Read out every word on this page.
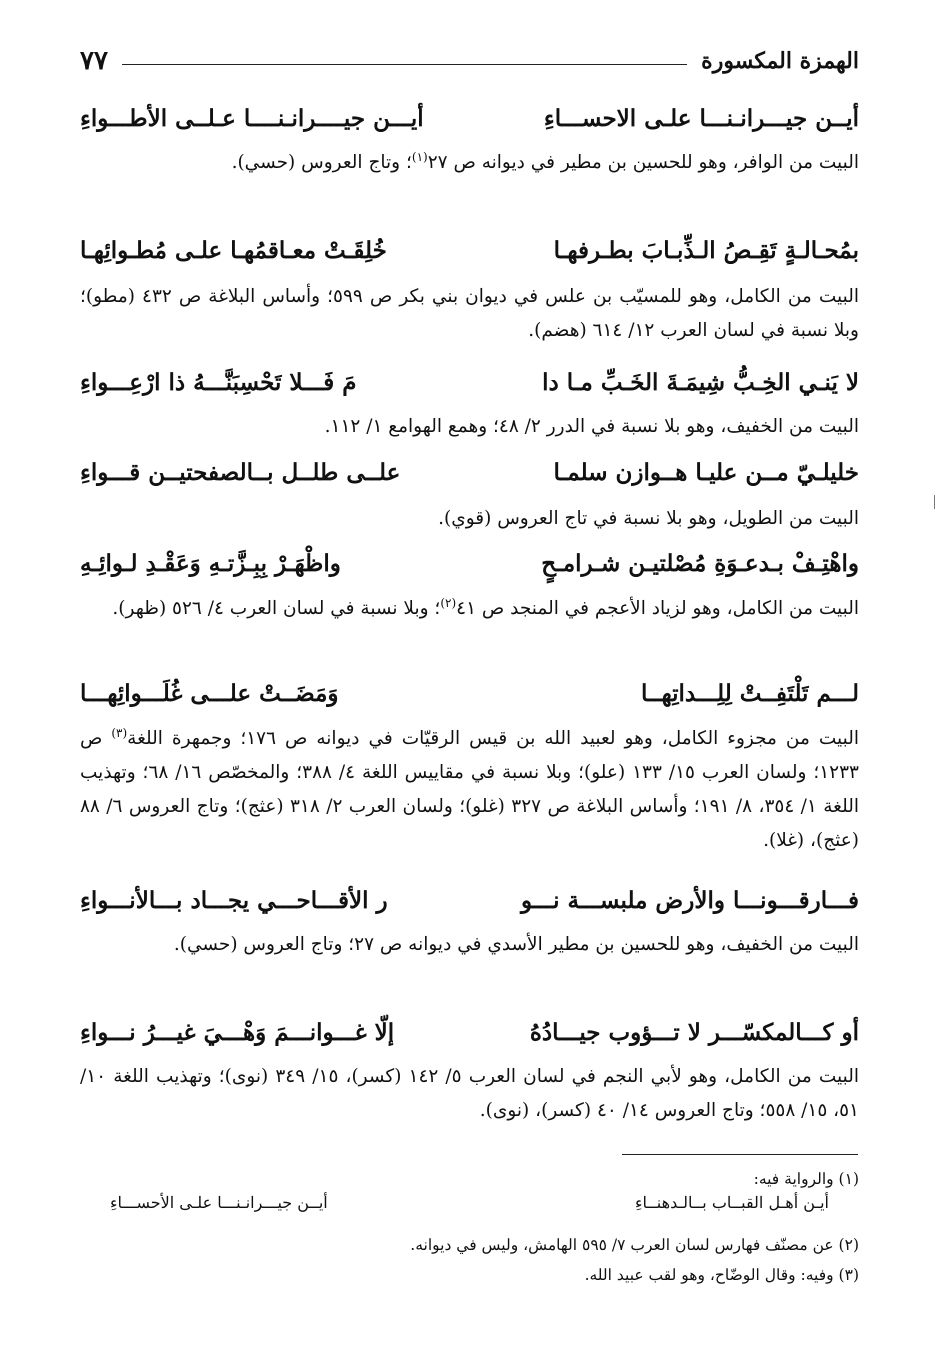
الهمزة المكسورة
٧٧
أيــن جيـــرانـنـــا علـى الاحســـاءِ
أيـــن جيــــرانـنــــا عـلــى الأطـــواءِ
البيت من الوافر، وهو للحسين بن مطير في ديوانه ص ٢٧$^{(١)}$؛ وتاج العروس (حسي).
بمُحـالـةٍ تَقِـصُ الـذِّبـابَ بطـرفهـا
خُلِقَـتْ معـاقمُهـا علـى مُطـوائِهـا
البيت من الكامل، وهو للمسيّب بن علس في ديوان بني بكر ص ٥٩٩؛ وأساس البلاغة ص ٤٣٢ (مطو)؛ وبلا نسبة في لسان العرب ١٢/ ٦١٤ (هضم).
لا يَنـي الخِـبُّ شِيمَـةَ الخَـبِّ مـا دا
مَ فَـــلا تَحْسِبَنَّـــهُ ذا ارْعِـــواءِ
البيت من الخفيف، وهو بلا نسبة في الدرر ٢/ ٤٨؛ وهمع الهوامع ١/ ١١٢.
خليلـيّ مــن عليـا هــوازن سلمـا
علــى طلــل بــالصفحتيــن قـــواءِ
البيت من الطويل، وهو بلا نسبة في تاج العروس (قوي).
واهْتِـفْ بـدعـوَةِ مُصْلتيـن شـرامـحٍ
واظْهَـرْ بِبِـزَّتـهِ وَعَقْـدِ لـوائِـهِ
البيت من الكامل، وهو لزياد الأعجم في المنجد ص ٤١$^{(٢)}$؛ وبلا نسبة في لسان العرب ٤/ ٥٢٦ (ظهر).
لـــم تَلْتَفِــتْ لِلِـــداتِهــا
وَمَضَــتْ علـــى غُلَـــوائِهـــا
البيت من مجزوء الكامل، وهو لعبيد الله بن قيس الرقيّات في ديوانه ص ١٧٦؛ وجمهرة اللغة$^{(٣)}$ ص ١٢٣٣؛ ولسان العرب ١٥/ ١٣٣ (علو)؛ وبلا نسبة في مقاييس اللغة ٤/ ٣٨٨؛ والمخصّص ١٦/ ٦٨؛ وتهذيب اللغة ١/ ٣٥٤، ٨/ ١٩١؛ وأساس البلاغة ص ٣٢٧ (غلو)؛ ولسان العرب ٢/ ٣١٨ (عثج)؛ وتاج العروس ٦/ ٨٨ (عثج)، (غلا).
فـــارقـــونـــا والأرض ملبســـة نـــو
ر الأقـــاحـــي يجـــاد بـــالأنـــواءِ
البيت من الخفيف، وهو للحسين بن مطير الأسدي في ديوانه ص ٢٧؛ وتاج العروس (حسي).
أو كـــالمكسّـــر لا تـــؤوب جيـــادُهُ
إلّا غـــوانـــمَ وَهْـــيَ غيـــرُ نـــواءِ
البيت من الكامل، وهو لأبي النجم في لسان العرب ٥/ ١٤٢ (كسر)، ١٥/ ٣٤٩ (نوى)؛ وتهذيب اللغة ١٠/ ٥١، ١٥/ ٥٥٨؛ وتاج العروس ١٤/ ٤٠ (كسر)، (نوى).
(١) والرواية فيه:
أيـن أهـل القبــاب بــالـدهنــاءِ
أيــن جيـــرانـنـــا علـى الأحســـاءِ
(٢) عن مصنّف فهارس لسان العرب ٧/ ٥٩٥ الهامش، وليس في ديوانه.
(٣) وفيه: وقال الوضّاح، وهو لقب عبيد الله.
